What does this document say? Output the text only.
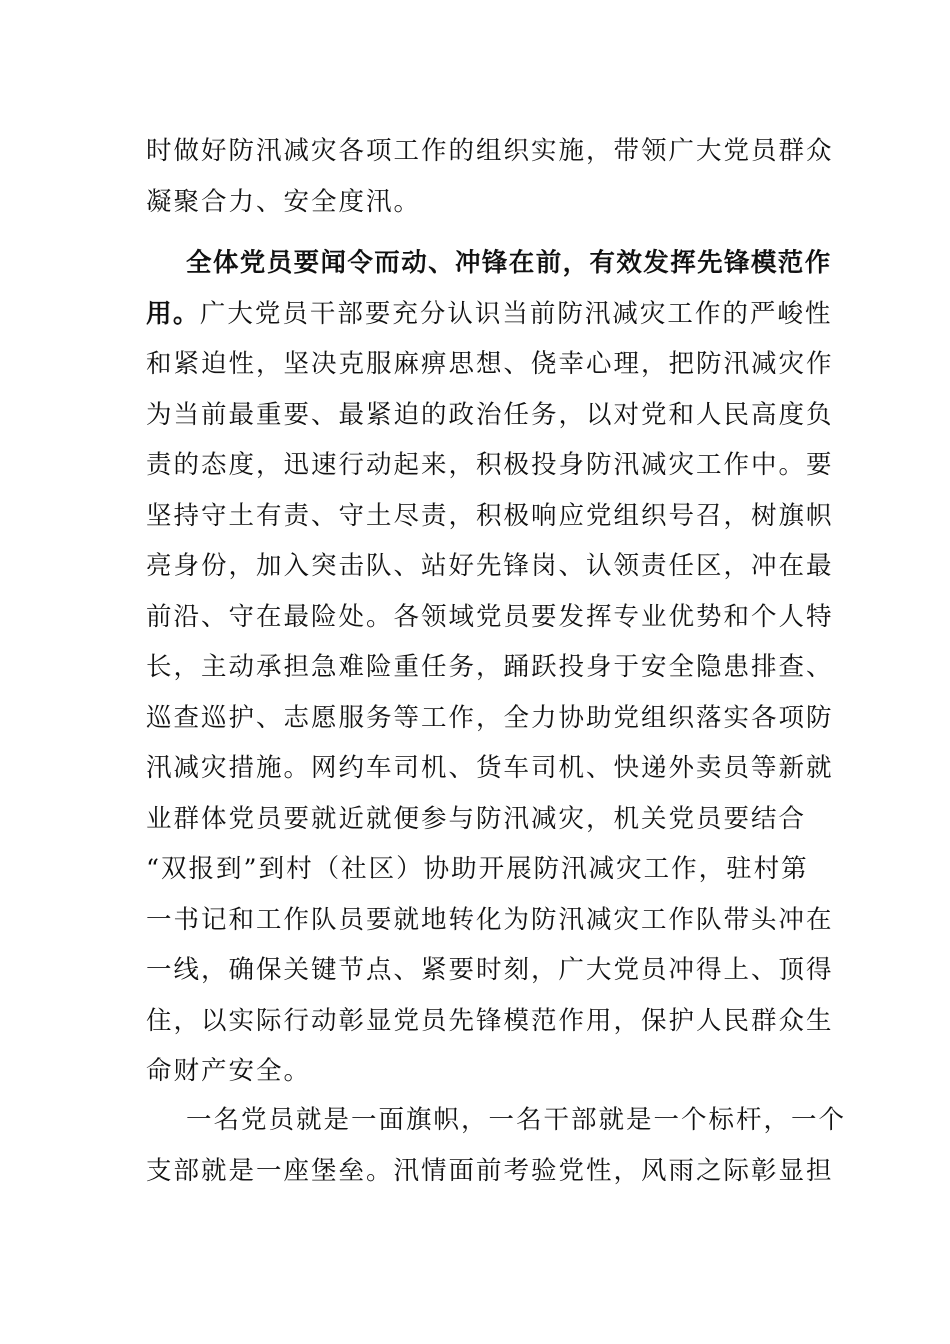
时做好防汛减灾各项工作的组织实施，带领广大党员群众
凝聚合力、安全度汛。
全体党员要闻令而动、冲锋在前，有效发挥先锋模范作
用。广大党员干部要充分认识当前防汛减灾工作的严峻性
和紧迫性，坚决克服麻痹思想、侥幸心理，把防汛减灾作
为当前最重要、最紧迫的政治任务，以对党和人民高度负
责的态度，迅速行动起来，积极投身防汛减灾工作中。要
坚持守土有责、守土尽责，积极响应党组织号召，树旗帜
亮身份，加入突击队、站好先锋岗、认领责任区，冲在最
前沿、守在最险处。各领域党员要发挥专业优势和个人特
长，主动承担急难险重任务，踊跃投身于安全隐患排查、
巡查巡护、志愿服务等工作，全力协助党组织落实各项防
汛减灾措施。网约车司机、货车司机、快递外卖员等新就
业群体党员要就近就便参与防汛减灾，机关党员要结合
“双报到”到村（社区）协助开展防汛减灾工作，驻村第
一书记和工作队员要就地转化为防汛减灾工作队带头冲在
一线，确保关键节点、紧要时刻，广大党员冲得上、顶得
住，以实际行动彰显党员先锋模范作用，保护人民群众生
命财产安全。
一名党员就是一面旗帜，一名干部就是一个标杆，一个
支部就是一座堡垒。汛情面前考验党性，风雨之际彰显担
